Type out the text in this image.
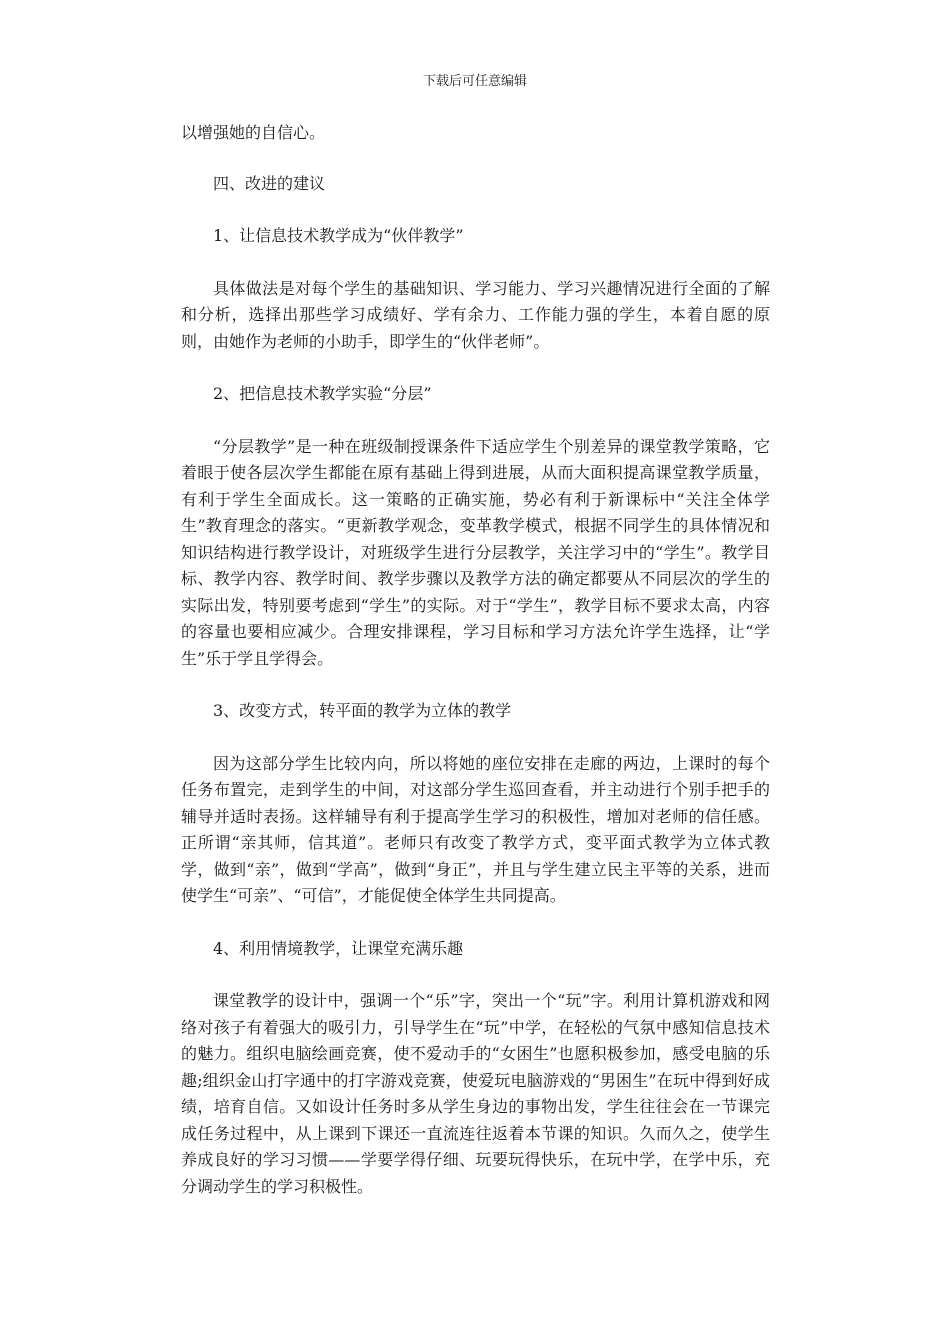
下载后可任意编辑

以增强她的自信心。

四、改进的建议

1、让信息技术教学成为“伙伴教学”

具体做法是对每个学生的基础知识、学习能力、学习兴趣情况进行全面的了解和分析，选择出那些学习成绩好、学有余力、工作能力强的学生，本着自愿的原则，由她作为老师的小助手，即学生的“伙伴老师”。

2、把信息技术教学实验“分层”

“分层教学”是一种在班级制授课条件下适应学生个别差异的课堂教学策略，它着眼于使各层次学生都能在原有基础上得到进展，从而大面积提高课堂教学质量，有利于学生全面成长。这一策略的正确实施，势必有利于新课标中“关注全体学生”教育理念的落实。“更新教学观念，变革教学模式，根据不同学生的具体情况和知识结构进行教学设计，对班级学生进行分层教学，关注学习中的“学生”。教学目标、教学内容、教学时间、教学步骤以及教学方法的确定都要从不同层次的学生的实际出发，特别要考虑到“学生”的实际。对于“学生”，教学目标不要求太高，内容的容量也要相应减少。合理安排课程，学习目标和学习方法允许学生选择，让“学生”乐于学且学得会。

3、改变方式，转平面的教学为立体的教学

因为这部分学生比较内向，所以将她的座位安排在走廊的两边，上课时的每个任务布置完，走到学生的中间，对这部分学生巡回查看，并主动进行个别手把手的辅导并适时表扬。这样辅导有利于提高学生学习的积极性，增加对老师的信任感。正所谓“亲其师，信其道”。老师只有改变了教学方式，变平面式教学为立体式教学，做到“亲”，做到“学高”，做到“身正”，并且与学生建立民主平等的关系，进而使学生“可亲”、“可信”，才能促使全体学生共同提高。

4、利用情境教学，让课堂充满乐趣

课堂教学的设计中，强调一个“乐”字，突出一个“玩”字。利用计算机游戏和网络对孩子有着强大的吸引力，引导学生在“玩”中学，在轻松的气氛中感知信息技术的魅力。组织电脑绘画竞赛，使不爱动手的“女困生”也愿积极参加，感受电脑的乐趣;组织金山打字通中的打字游戏竞赛，使爱玩电脑游戏的“男困生”在玩中得到好成绩，培育自信。又如设计任务时多从学生身边的事物出发，学生往往会在一节课完成任务过程中，从上课到下课还一直流连往返着本节课的知识。久而久之，使学生养成良好的学习习惯——学要学得仔细、玩要玩得快乐，在玩中学，在学中乐，充分调动学生的学习积极性。
